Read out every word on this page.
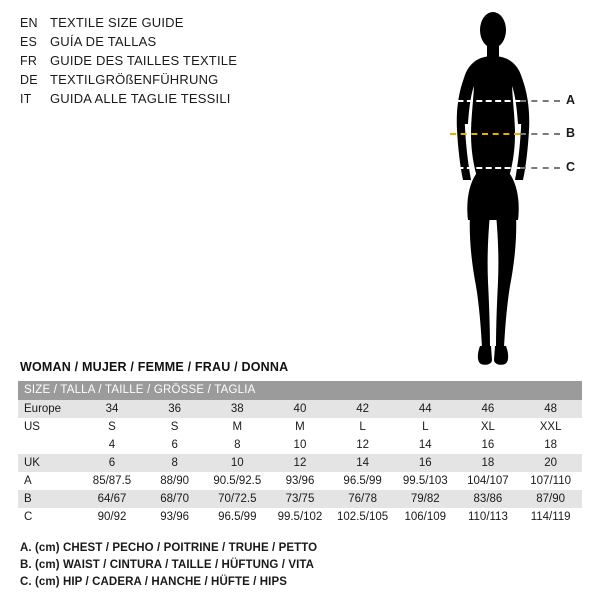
EN TEXTILE SIZE GUIDE
ES GUÍA DE TALLAS
FR GUIDE DES TAILLES TEXTILE
DE TEXTILGRÖßENFÜHRUNG
IT	GUIDA ALLE TAGLIE TESSILI	A
B
C
WOMAN / MUJER / FEMME / FRAU / DONNA
SIZE / TALLA / TAILLE / GRÖSSE / TAGLIA								
Europe	34	36	38	40	42	44	46	48
US	S	S	M	M	L	L	XL	XXL
	4	6	8	10	12	14	16	18
UK	6	8	10	12	14	16	18	20
A	85/87.5	88/90	90.5/92.5	93/96	96.5/99	99.5/103	104/107	107/110
B	64/67	68/70	70/72.5	73/75	76/78	79/82	83/86	87/90
C	90/92	93/96	96.5/99	99.5/102	102.5/105	106/109	110/113	114/119
A. (cm) CHEST / PECHO / POITRINE / TRUHE / PETTO
B. (cm) WAIST / CINTURA / TAILLE / HÜFTUNG / VITA
C. (cm) HIP / CADERA / HANCHE / HÜFTE / HIPS
